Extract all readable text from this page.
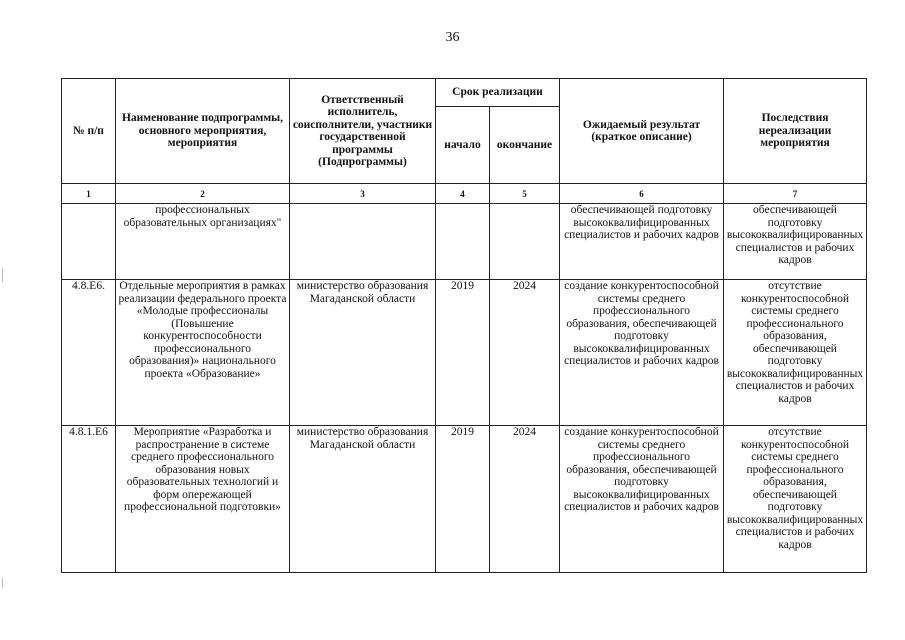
36
№ п/п	Наименование подпрограммы, основного мероприятия, мероприятия	Ответственный исполнитель, соисполнители, участники государственной программы (Подпрограммы)	Срок реализации		Ожидаемый результат (краткое описание)	Последствия нереализации мероприятия
			начало	окончание		
1	2	3	4	5	6	7
	профессиональных образовательных организациях"				обеспечивающей подготовку высококвалифицированных специалистов и рабочих кадров	обеспечивающей подготовку высококвалифицированных специалистов и рабочих кадров
4.8.Е6.	Отдельные мероприятия в рамках реализации федерального проекта «Молодые профессионалы (Повышение конкурентоспособности профессионального образования)» национального проекта «Образование»	министерство образования Магаданской области	2019	2024	создание конкурентоспособной системы среднего профессионального образования, обеспечивающей подготовку высококвалифицированных специалистов и рабочих кадров	отсутствие конкурентоспособной системы среднего профессионального образования, обеспечивающей подготовку высококвалифицированных специалистов и рабочих кадров
4.8.1.Е6	Мероприятие «Разработка и распространение в системе среднего профессионального образования новых образовательных технологий и форм опережающей профессиональной подготовки»	министерство образования Магаданской области	2019	2024	создание конкурентоспособной системы среднего профессионального образования, обеспечивающей подготовку высококвалифицированных специалистов и рабочих кадров	отсутствие конкурентоспособной системы среднего профессионального образования, обеспечивающей подготовку высококвалифицированных специалистов и рабочих кадров
